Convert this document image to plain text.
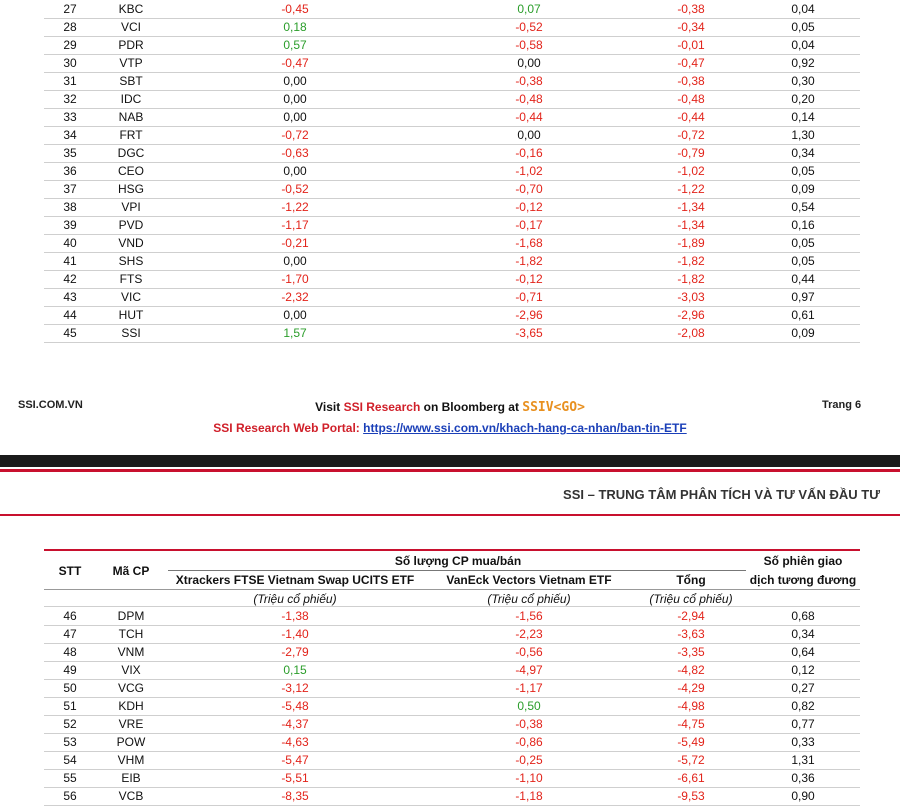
27	KBC	-0,45	0,07	-0,38	0,04
28	VCI	0,18	-0,52	-0,34	0,05
29	PDR	0,57	-0,58	-0,01	0,04
30	VTP	-0,47	0,00	-0,47	0,92
31	SBT	0,00	-0,38	-0,38	0,30
32	IDC	0,00	-0,48	-0,48	0,20
33	NAB	0,00	-0,44	-0,44	0,14
34	FRT	-0,72	0,00	-0,72	1,30
35	DGC	-0,63	-0,16	-0,79	0,34
36	CEO	0,00	-1,02	-1,02	0,05
37	HSG	-0,52	-0,70	-1,22	0,09
38	VPI	-1,22	-0,12	-1,34	0,54
39	PVD	-1,17	-0,17	-1,34	0,16
40	VND	-0,21	-1,68	-1,89	0,05
41	SHS	0,00	-1,82	-1,82	0,05
42	FTS	-1,70	-0,12	-1,82	0,44
43	VIC	-2,32	-0,71	-3,03	0,97
44	HUT	0,00	-2,96	-2,96	0,61
45	SSI	1,57	-3,65	-2,08	0,09
SSI.COM.VN	Trang 6
Visit SSI Research on Bloomberg at SSIV<GO>
SSI Research Web Portal: https://www.ssi.com.vn/khach-hang-ca-nhan/ban-tin-ETF
SSI – TRUNG TÂM PHÂN TÍCH VÀ TƯ VẤN ĐẦU TƯ
STT	Mã CP
Số lượng CP mua/bán
Xtrackers FTSE Vietnam Swap UCITS ETF	VanEck Vectors Vietnam ETF	Tổng
Số phiên giao
dịch tương đương
(Triệu cổ phiếu)	(Triệu cổ phiếu)	(Triệu cổ phiếu)
46	DPM	-1,38	-1,56	-2,94	0,68
47	TCH	-1,40	-2,23	-3,63	0,34
48	VNM	-2,79	-0,56	-3,35	0,64
49	VIX	0,15	-4,97	-4,82	0,12
50	VCG	-3,12	-1,17	-4,29	0,27
51	KDH	-5,48	0,50	-4,98	0,82
52	VRE	-4,37	-0,38	-4,75	0,77
53	POW	-4,63	-0,86	-5,49	0,33
54	VHM	-5,47	-0,25	-5,72	1,31
55	EIB	-5,51	-1,10	-6,61	0,36
56	VCB	-8,35	-1,18	-9,53	0,90
